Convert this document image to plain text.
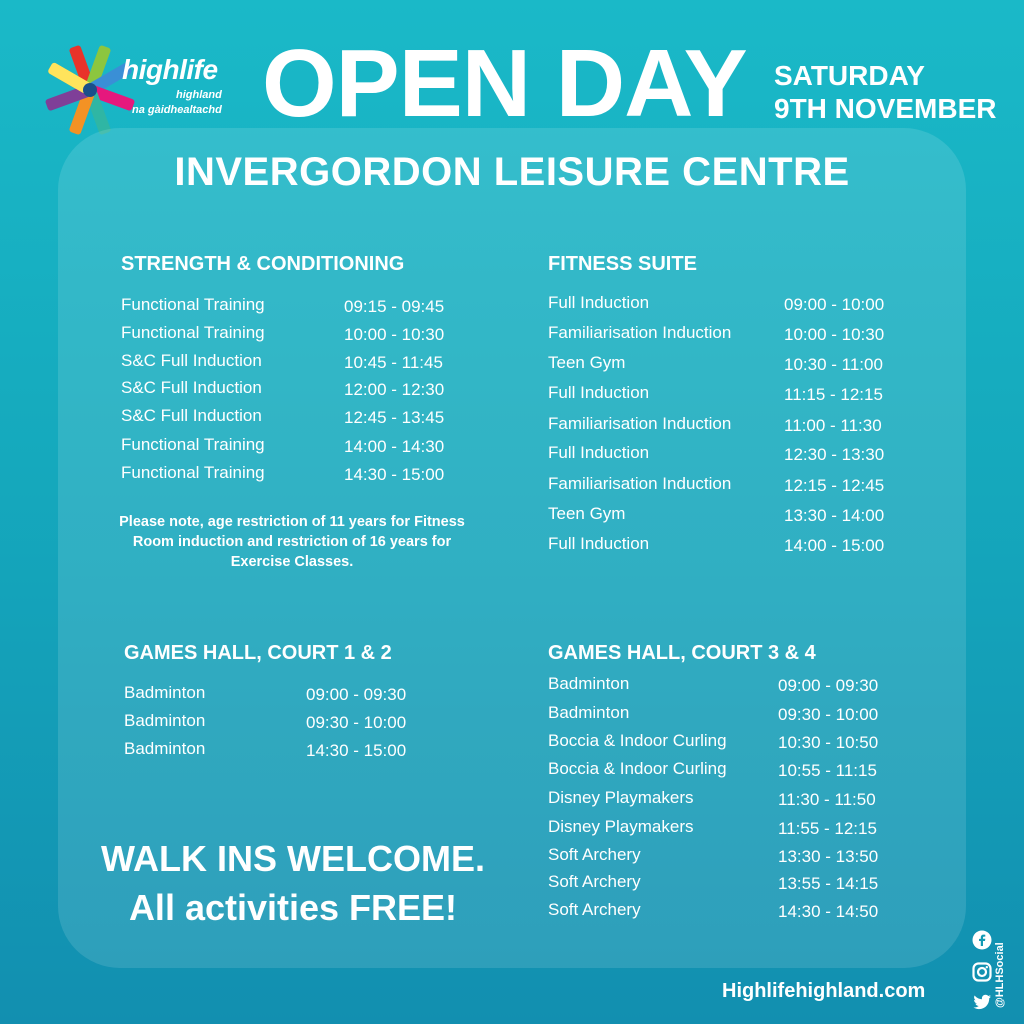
highlife
highland
na gàidhealtachd OPEN DAY SATURDAY
9TH NOVEMBER
INVERGORDON LEISURE CENTRE
STRENGTH & CONDITIONING
Functional Training	09:15 - 09:45
Functional Training	10:00 - 10:30
S&C Full Induction	10:45 - 11:45
S&C Full Induction	12:00 - 12:30
S&C Full Induction	12:45 - 13:45
Functional Training	14:00 - 14:30
Functional Training	14:30 - 15:00
FITNESS SUITE
Full Induction	09:00 - 10:00
Familiarisation Induction	10:00 - 10:30
Teen Gym	10:30 - 11:00
Full Induction	11:15 - 12:15
Familiarisation Induction	11:00 - 11:30
Full Induction	12:30 - 13:30
Familiarisation Induction	12:15 - 12:45
Teen Gym	13:30 - 14:00
Full Induction	14:00 - 15:00
Please note, age restriction of 11 years for Fitness Room induction and restriction of 16 years for Exercise Classes.
GAMES HALL, COURT 1 & 2
Badminton	09:00 - 09:30
Badminton	09:30 - 10:00
Badminton	14:30 - 15:00
GAMES HALL, COURT 3 & 4
Badminton	09:00 - 09:30
Badminton	09:30 - 10:00
Boccia & Indoor Curling	10:30 - 10:50
Boccia & Indoor Curling	10:55 - 11:15
Disney Playmakers	11:30 - 11:50
Disney Playmakers	11:55 - 12:15
Soft Archery	13:30 - 13:50
Soft Archery	13:55 - 14:15
Soft Archery	14:30 - 14:50
WALK INS WELCOME.
All activities FREE!

@HLHSocial
Highlifehighland.com
